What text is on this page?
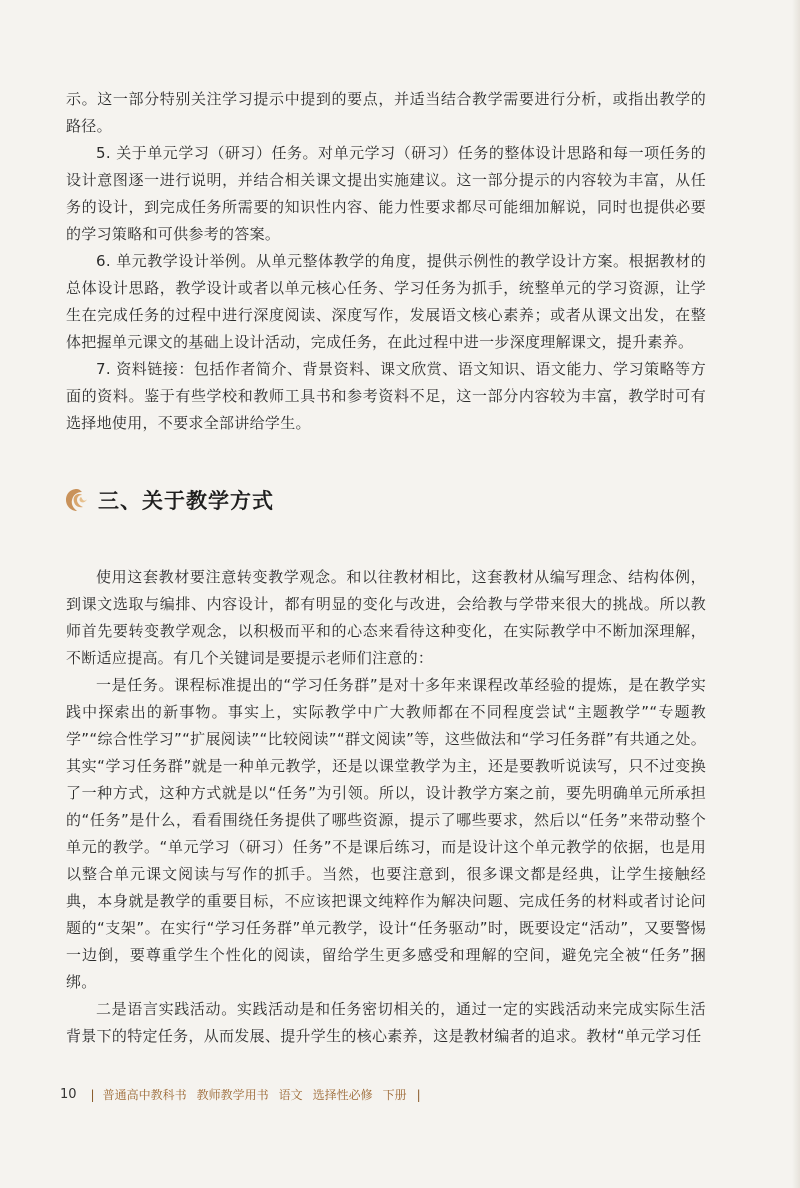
示。这一部分特别关注学习提示中提到的要点，并适当结合教学需要进行分析，或指出教学的路径。

5. 关于单元学习（研习）任务。对单元学习（研习）任务的整体设计思路和每一项任务的设计意图逐一进行说明，并结合相关课文提出实施建议。这一部分提示的内容较为丰富，从任务的设计，到完成任务所需要的知识性内容、能力性要求都尽可能细加解说，同时也提供必要的学习策略和可供参考的答案。

6. 单元教学设计举例。从单元整体教学的角度，提供示例性的教学设计方案。根据教材的总体设计思路，教学设计或者以单元核心任务、学习任务为抓手，统整单元的学习资源，让学生在完成任务的过程中进行深度阅读、深度写作，发展语文核心素养；或者从课文出发，在整体把握单元课文的基础上设计活动，完成任务，在此过程中进一步深度理解课文，提升素养。

7. 资料链接：包括作者简介、背景资料、课文欣赏、语文知识、语文能力、学习策略等方面的资料。鉴于有些学校和教师工具书和参考资料不足，这一部分内容较为丰富，教学时可有选择地使用，不要求全部讲给学生。

三、关于教学方式

使用这套教材要注意转变教学观念。和以往教材相比，这套教材从编写理念、结构体例，到课文选取与编排、内容设计，都有明显的变化与改进，会给教与学带来很大的挑战。所以教师首先要转变教学观念，以积极而平和的心态来看待这种变化，在实际教学中不断加深理解，不断适应提高。有几个关键词是要提示老师们注意的：

一是任务。课程标准提出的“学习任务群”是对十多年来课程改革经验的提炼，是在教学实践中探索出的新事物。事实上，实际教学中广大教师都在不同程度尝试“主题教学”“专题教学”“综合性学习”“扩展阅读”“比较阅读”“群文阅读”等，这些做法和“学习任务群”有共通之处。其实“学习任务群”就是一种单元教学，还是以课堂教学为主，还是要教听说读写，只不过变换了一种方式，这种方式就是以“任务”为引领。所以，设计教学方案之前，要先明确单元所承担的“任务”是什么，看看围绕任务提供了哪些资源，提示了哪些要求，然后以“任务”来带动整个单元的教学。“单元学习（研习）任务”不是课后练习，而是设计这个单元教学的依据，也是用以整合单元课文阅读与写作的抓手。当然，也要注意到，很多课文都是经典，让学生接触经典，本身就是教学的重要目标，不应该把课文纯粹作为解决问题、完成任务的材料或者讨论问题的“支架”。在实行“学习任务群”单元教学，设计“任务驱动”时，既要设定“活动”，又要警惕一边倒，要尊重学生个性化的阅读，留给学生更多感受和理解的空间，避免完全被“任务”捆绑。

二是语言实践活动。实践活动是和任务密切相关的，通过一定的实践活动来完成实际生活背景下的特定任务，从而发展、提升学生的核心素养，这是教材编者的追求。教材“单元学习任

10 | 普通高中教科书 教师教学用书 语文 选择性必修 下册 |
